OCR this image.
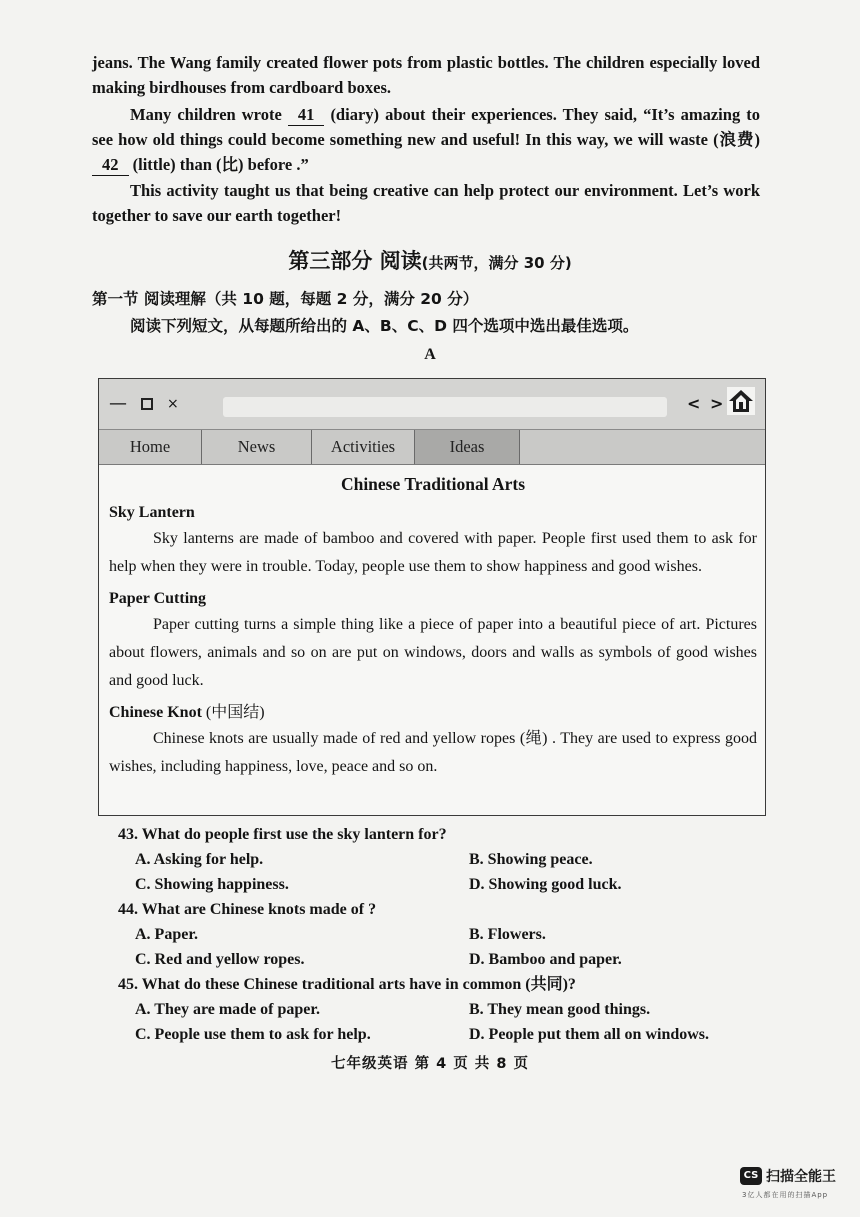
jeans. The Wang family created flower pots from plastic bottles. The children especially loved making birdhouses from cardboard boxes.
Many children wrote 41 (diary) about their experiences. They said, “It’s amazing to see how old things could become something new and useful! In this way, we will waste (浪费) 42 (little) than (比) before .”
This activity taught us that being creative can help protect our environment. Let’s work together to save our earth together!
第三部分 阅读(共两节，满分 30 分)
第一节 阅读理解（共 10 题，每题 2 分，满分 20 分）
阅读下列短文，从每题所给出的 A、B、C、D 四个选项中选出最佳选项。
A
—	×	< >
Home	News	Activities	Ideas
Chinese Traditional Arts
Sky Lantern
Sky lanterns are made of bamboo and covered with paper. People first used them to ask for help when they were in trouble. Today, people use them to show happiness and good wishes.
Paper Cutting
Paper cutting turns a simple thing like a piece of paper into a beautiful piece of art. Pictures about flowers, animals and so on are put on windows, doors and walls as symbols of good wishes and good luck.
Chinese Knot (中国结)
Chinese knots are usually made of red and yellow ropes (绳) . They are used to express good wishes, including happiness, love, peace and so on.
43. What do people first use the sky lantern for?
A. Asking for help.	B. Showing peace.
C. Showing happiness.	D. Showing good luck.
44. What are Chinese knots made of ?
A. Paper.	B. Flowers.
C. Red and yellow ropes.	D. Bamboo and paper.
45. What do these Chinese traditional arts have in common (共同)?
A. They are made of paper.	B. They mean good things.
C. People use them to ask for help.	D. People put them all on windows.
七年级英语 第 4 页 共 8 页
CS 扫描全能王
3亿人都在用的扫描App
